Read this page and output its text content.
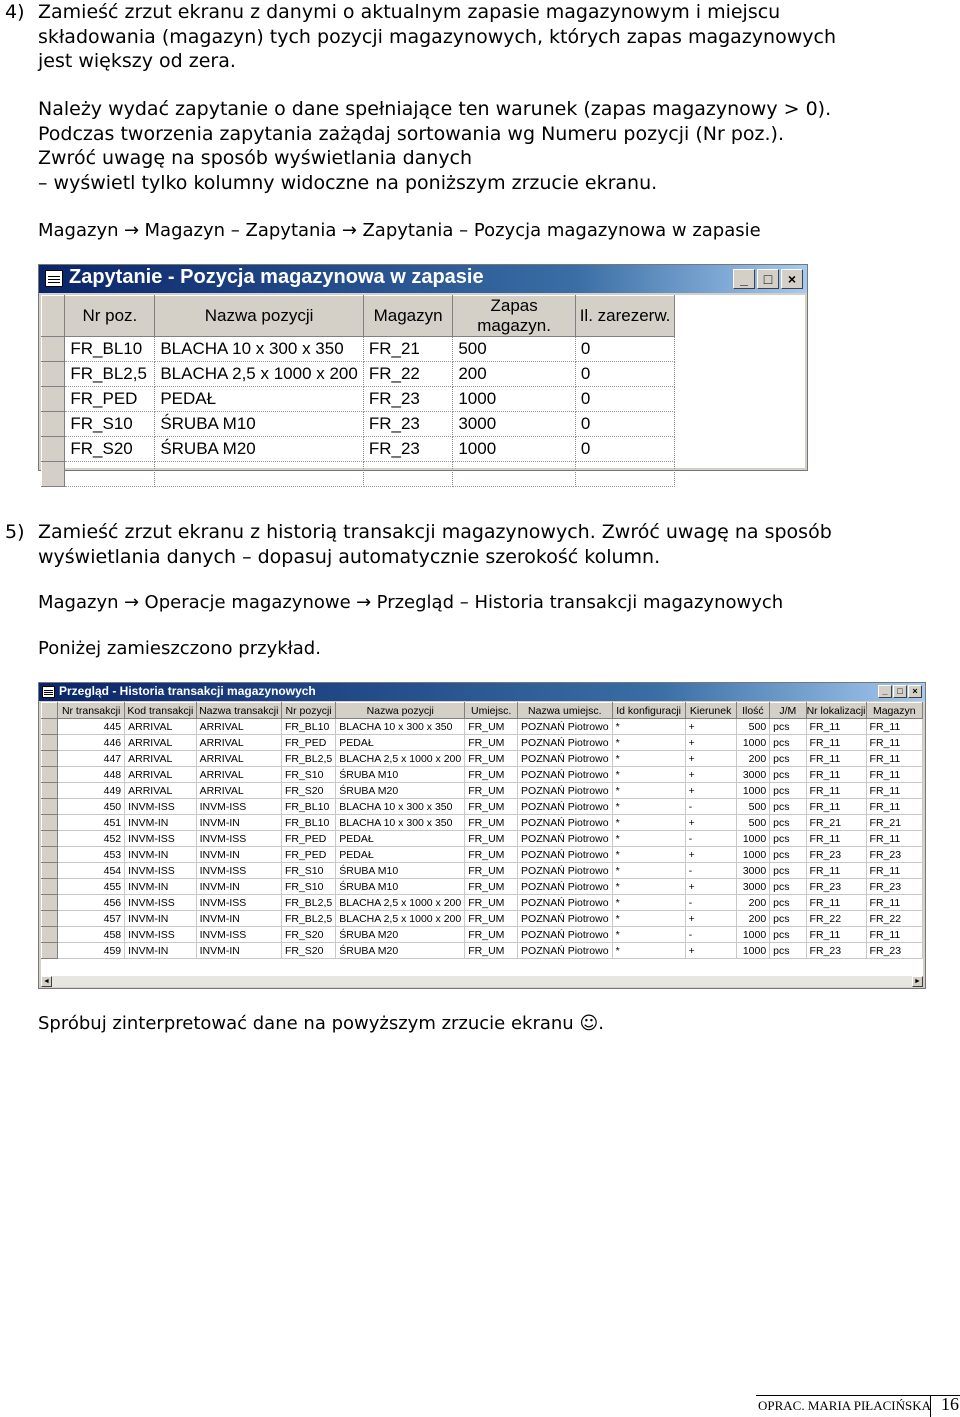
4) Zamieść zrzut ekranu z danymi o aktualnym zapasie magazynowym i miejscu
składowania (magazyn) tych pozycji magazynowych, których zapas magazynowych
jest większy od zera.
Należy wydać zapytanie o dane spełniające ten warunek (zapas magazynowy > 0).
Podczas tworzenia zapytania zażądaj sortowania wg Numeru pozycji (Nr poz.).
Zwróć uwagę na sposób wyświetlania danych
– wyświetl tylko kolumny widoczne na poniższym zrzucie ekranu.
Magazyn → Magazyn – Zapytania → Zapytania – Pozycja magazynowa w zapasie
Zapytanie - Pozycja magazynowa w zapasie	_	□	×
	Nr poz.	Nazwa pozycji	Magazyn	Zapas magazyn.	Il. zarezerw.
	FR_BL10	BLACHA 10 x 300 x 350	FR_21	500	0
	FR_BL2,5	BLACHA 2,5 x 1000 x 200	FR_22	200	0
	FR_PED	PEDAŁ	FR_23	1000	0
	FR_S10	ŚRUBA M10	FR_23	3000	0
	FR_S20	ŚRUBA M20	FR_23	1000	0

5) Zamieść zrzut ekranu z historią transakcji magazynowych. Zwróć uwagę na sposób
wyświetlania danych – dopasuj automatycznie szerokość kolumn.
Magazyn → Operacje magazynowe → Przegląd – Historia transakcji magazynowych
Poniżej zamieszczono przykład.
Przegląd - Historia transakcji magazynowych	_	□	×
	Nr transakcji	Kod transakcji	Nazwa transakcji	Nr pozycji	Nazwa pozycji	Umiejsc.	Nazwa umiejsc.	Id konfiguracji	Kierunek	Ilość	J/M	Nr lokalizacji	Magazyn
	445	ARRIVAL	ARRIVAL	FR_BL10	BLACHA 10 x 300 x 350	FR_UM	POZNAŃ Piotrowo	*	+	500	pcs	FR_11	FR_11
	446	ARRIVAL	ARRIVAL	FR_PED	PEDAŁ	FR_UM	POZNAŃ Piotrowo	*	+	1000	pcs	FR_11	FR_11
	447	ARRIVAL	ARRIVAL	FR_BL2,5	BLACHA 2,5 x 1000 x 200	FR_UM	POZNAŃ Piotrowo	*	+	200	pcs	FR_11	FR_11
	448	ARRIVAL	ARRIVAL	FR_S10	ŚRUBA M10	FR_UM	POZNAŃ Piotrowo	*	+	3000	pcs	FR_11	FR_11
	449	ARRIVAL	ARRIVAL	FR_S20	ŚRUBA M20	FR_UM	POZNAŃ Piotrowo	*	+	1000	pcs	FR_11	FR_11
	450	INVM-ISS	INVM-ISS	FR_BL10	BLACHA 10 x 300 x 350	FR_UM	POZNAŃ Piotrowo	*	-	500	pcs	FR_11	FR_11
	451	INVM-IN	INVM-IN	FR_BL10	BLACHA 10 x 300 x 350	FR_UM	POZNAŃ Piotrowo	*	+	500	pcs	FR_21	FR_21
	452	INVM-ISS	INVM-ISS	FR_PED	PEDAŁ	FR_UM	POZNAŃ Piotrowo	*	-	1000	pcs	FR_11	FR_11
	453	INVM-IN	INVM-IN	FR_PED	PEDAŁ	FR_UM	POZNAŃ Piotrowo	*	+	1000	pcs	FR_23	FR_23
	454	INVM-ISS	INVM-ISS	FR_S10	ŚRUBA M10	FR_UM	POZNAŃ Piotrowo	*	-	3000	pcs	FR_11	FR_11
	455	INVM-IN	INVM-IN	FR_S10	ŚRUBA M10	FR_UM	POZNAŃ Piotrowo	*	+	3000	pcs	FR_23	FR_23
	456	INVM-ISS	INVM-ISS	FR_BL2,5	BLACHA 2,5 x 1000 x 200	FR_UM	POZNAŃ Piotrowo	*	-	200	pcs	FR_11	FR_11
	457	INVM-IN	INVM-IN	FR_BL2,5	BLACHA 2,5 x 1000 x 200	FR_UM	POZNAŃ Piotrowo	*	+	200	pcs	FR_22	FR_22
	458	INVM-ISS	INVM-ISS	FR_S20	ŚRUBA M20	FR_UM	POZNAŃ Piotrowo	*	-	1000	pcs	FR_11	FR_11
	459	INVM-IN	INVM-IN	FR_S20	ŚRUBA M20	FR_UM	POZNAŃ Piotrowo	*	+	1000	pcs	FR_23	FR_23
◄	►
Spróbuj zinterpretować dane na powyższym zrzucie ekranu ☺.
OPRAC. MARIA PIŁACIŃSKA 16
